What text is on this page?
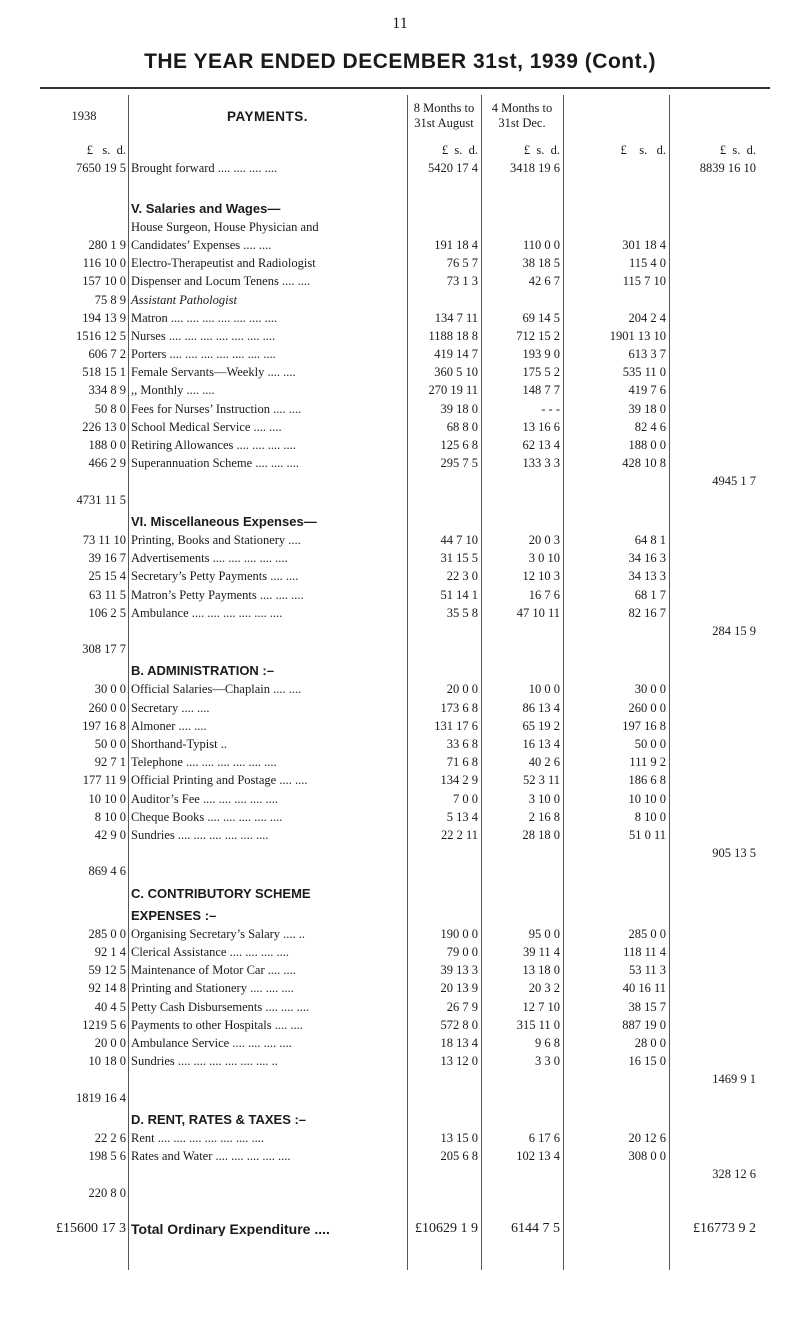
11
THE YEAR ENDED DECEMBER 31st, 1939 (Cont.)
1938	PAYMENTS.	8 Months to
31st August	4 Months to
31st Dec.		
£ s. d.		£ s. d.	£ s. d.	£ s. d.	£ s. d.
7650 19 5	Brought forward .... .... .... ....	5420 17 4	3418 19 6		8839 16 10

	V. Salaries and Wages—				
	House Surgeon, House Physician and				
280 1 9	Candidates’ Expenses .... ....	191 18 4	110 0 0	301 18 4	
116 10 0	Electro-Therapeutist and Radiologist	76 5 7	38 18 5	115 4 0	
157 10 0	Dispenser and Locum Tenens .... ....	73 1 3	42 6 7	115 7 10	
75 8 9	Assistant Pathologist				
194 13 9	Matron .... .... .... .... .... .... ....	134 7 11	69 14 5	204 2 4	
1516 12 5	Nurses .... .... .... .... .... .... ....	1188 18 8	712 15 2	1901 13 10	
606 7 2	Porters .... .... .... .... .... .... ....	419 14 7	193 9 0	613 3 7	
518 15 1	Female Servants—Weekly .... ....	360 5 10	175 5 2	535 11 0	
334 8 9	,, Monthly .... ....	270 19 11	148 7 7	419 7 6	
50 8 0	Fees for Nurses’ Instruction .... ....	39 18 0	- - -	39 18 0	
226 13 0	School Medical Service .... ....	68 8 0	13 16 6	82 4 6	
188 0 0	Retiring Allowances .... .... .... ....	125 6 8	62 13 4	188 0 0	
466 2 9	Superannuation Scheme .... .... ....	295 7 5	133 3 3	428 10 8	
					4945 1 7
4731 11 5					
	VI. Miscellaneous Expenses—				
73 11 10	Printing, Books and Stationery ....	44 7 10	20 0 3	64 8 1	
39 16 7	Advertisements .... .... .... .... ....	31 15 5	3 0 10	34 16 3	
25 15 4	Secretary’s Petty Payments .... ....	22 3 0	12 10 3	34 13 3	
63 11 5	Matron’s Petty Payments .... .... ....	51 14 1	16 7 6	68 1 7	
106 2 5	Ambulance .... .... .... .... .... ....	35 5 8	47 10 11	82 16 7	
					284 15 9
308 17 7					
	B. ADMINISTRATION :–				
30 0 0	Official Salaries—Chaplain .... ....	20 0 0	10 0 0	30 0 0	
260 0 0	Secretary .... ....	173 6 8	86 13 4	260 0 0	
197 16 8	Almoner .... ....	131 17 6	65 19 2	197 16 8	
50 0 0	Shorthand-Typist ..	33 6 8	16 13 4	50 0 0	
92 7 1	Telephone .... .... .... .... .... ....	71 6 8	40 2 6	111 9 2	
177 11 9	Official Printing and Postage .... ....	134 2 9	52 3 11	186 6 8	
10 10 0	Auditor’s Fee .... .... .... .... ....	7 0 0	3 10 0	10 10 0	
8 10 0	Cheque Books .... .... .... .... ....	5 13 4	2 16 8	8 10 0	
42 9 0	Sundries .... .... .... .... .... ....	22 2 11	28 18 0	51 0 11	
					905 13 5
869 4 6					
	C. CONTRIBUTORY SCHEME				
	EXPENSES :–				
285 0 0	Organising Secretary’s Salary .... ..	190 0 0	95 0 0	285 0 0	
92 1 4	Clerical Assistance .... .... .... ....	79 0 0	39 11 4	118 11 4	
59 12 5	Maintenance of Motor Car .... ....	39 13 3	13 18 0	53 11 3	
92 14 8	Printing and Stationery .... .... ....	20 13 9	20 3 2	40 16 11	
40 4 5	Petty Cash Disbursements .... .... ....	26 7 9	12 7 10	38 15 7	
1219 5 6	Payments to other Hospitals .... ....	572 8 0	315 11 0	887 19 0	
20 0 0	Ambulance Service .... .... .... ....	18 13 4	9 6 8	28 0 0	
10 18 0	Sundries .... .... .... .... .... .... ..	13 12 0	3 3 0	16 15 0	
					1469 9 1
1819 16 4					
	D. RENT, RATES & TAXES :–				
22 2 6	Rent .... .... .... .... .... .... ....	13 15 0	6 17 6	20 12 6	
198 5 6	Rates and Water .... .... .... .... ....	205 6 8	102 13 4	308 0 0	
					328 12 6
220 8 0					

£15600 17 3	Total Ordinary Expenditure ....	£10629 1 9	6144 7 5		£16773 9 2
